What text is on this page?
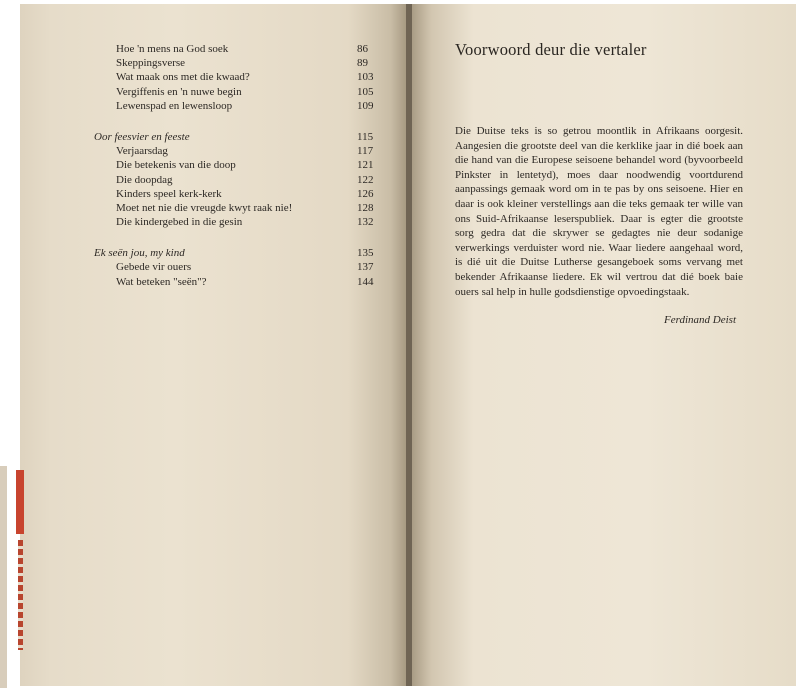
Hoe 'n mens na God soek	86
Skeppingsverse	89
Wat maak ons met die kwaad?	103
Vergiffenis en 'n nuwe begin	105
Lewenspad en lewensloop	109
Oor feesvier en feeste	115
Verjaarsdag	117
Die betekenis van die doop	121
Die doopdag	122
Kinders speel kerk-kerk	126
Moet net nie die vreugde kwyt raak nie!	128
Die kindergebed in die gesin	132
Ek seën jou, my kind	135
Gebede vir ouers	137
Wat beteken "seën"?	144
Voorwoord deur die vertaler

Die Duitse teks is so getrou moontlik in Afrikaans oorgesit. Aangesien die grootste deel van die kerklike jaar in dié boek aan die hand van die Europese seisoene behandel word (byvoorbeeld Pinkster in lentetyd), moes daar noodwendig voortdurend aanpassings gemaak word om in te pas by ons seisoene. Hier en daar is ook kleiner verstellings aan die teks gemaak ter wille van ons Suid-Afrikaanse leserspubliek. Daar is egter die grootste sorg gedra dat die skrywer se gedagtes nie deur sodanige verwerkings verduister word nie. Waar liedere aangehaal word, is dié uit die Duitse Lutherse gesangeboek soms vervang met bekender Afrikaanse liedere. Ek wil vertrou dat dié boek baie ouers sal help in hulle godsdienstige opvoedingstaak.

Ferdinand Deist
